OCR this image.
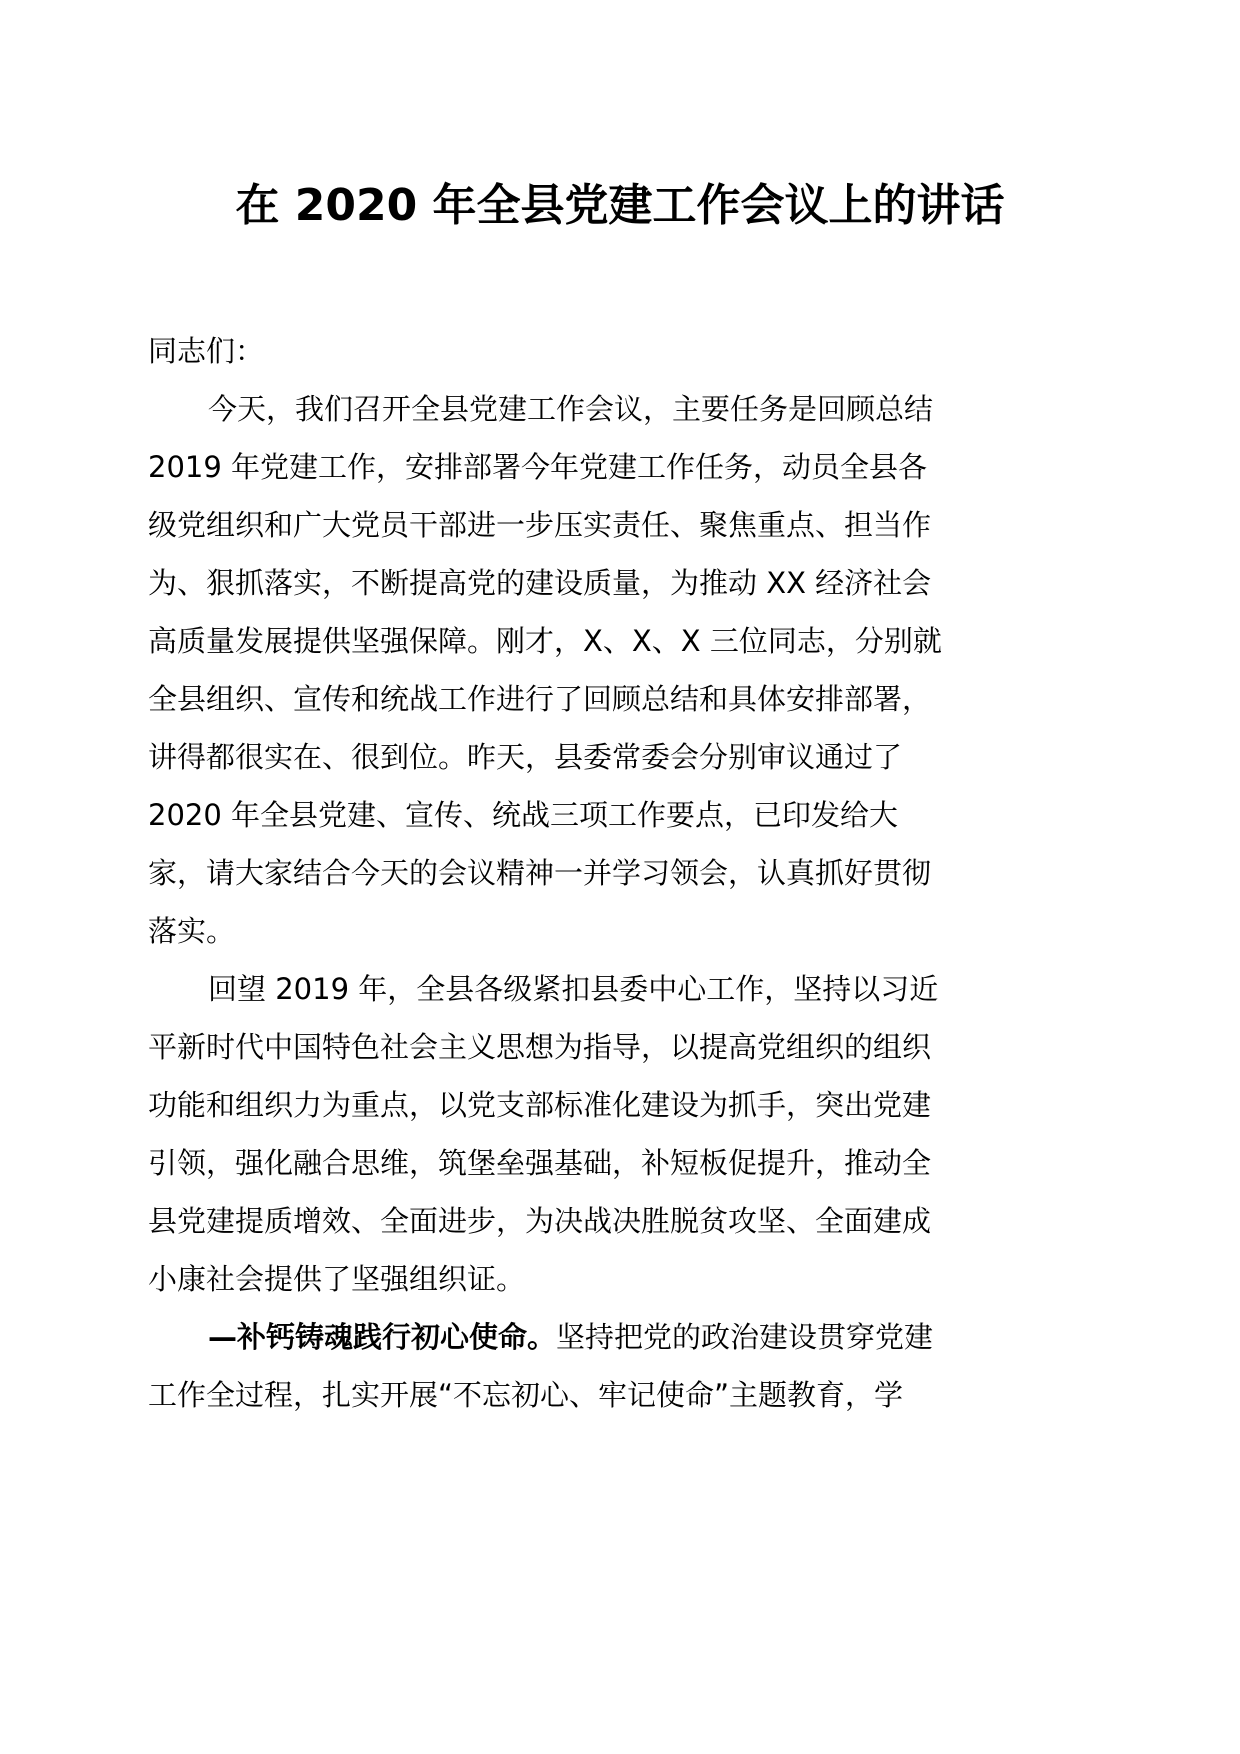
在 2020 年全县党建工作会议上的讲话
同志们：
今天，我们召开全县党建工作会议，主要任务是回顾总结
2019 年党建工作，安排部署今年党建工作任务，动员全县各
级党组织和广大党员干部进一步压实责任、聚焦重点、担当作
为、狠抓落实，不断提高党的建设质量，为推动 XX 经济社会
高质量发展提供坚强保障。刚才，X、X、X 三位同志，分别就
全县组织、宣传和统战工作进行了回顾总结和具体安排部署，
讲得都很实在、很到位。昨天，县委常委会分别审议通过了
2020 年全县党建、宣传、统战三项工作要点，已印发给大
家，请大家结合今天的会议精神一并学习领会，认真抓好贯彻
落实。
回望 2019 年，全县各级紧扣县委中心工作，坚持以习近
平新时代中国特色社会主义思想为指导，以提高党组织的组织
功能和组织力为重点，以党支部标准化建设为抓手，突出党建
引领，强化融合思维，筑堡垒强基础，补短板促提升，推动全
县党建提质增效、全面进步，为决战决胜脱贫攻坚、全面建成
小康社会提供了坚强组织证。
—补钙铸魂践行初心使命。坚持把党的政治建设贯穿党建
工作全过程，扎实开展“不忘初心、牢记使命”主题教育，学
